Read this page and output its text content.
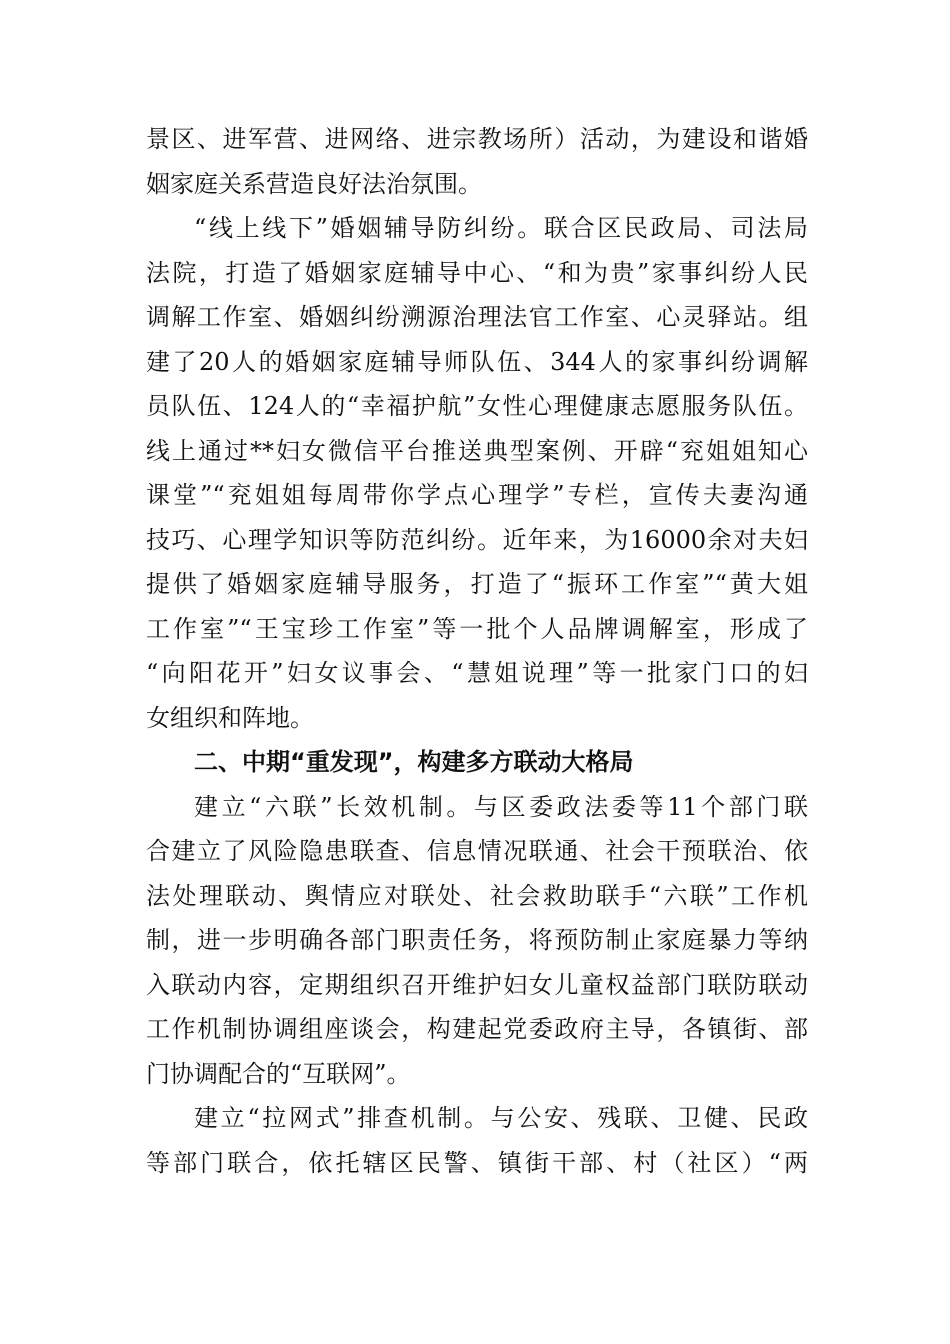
景区、进军营、进网络、进宗教场所）活动，为建设和谐婚
姻家庭关系营造良好法治氛围。
“线上线下”婚姻辅导防纠纷。联合区民政局、司法局
法院，打造了婚姻家庭辅导中心、“和为贵”家事纠纷人民
调解工作室、婚姻纠纷溯源治理法官工作室、心灵驿站。组
建了20人的婚姻家庭辅导师队伍、344人的家事纠纷调解
员队伍、124人的“幸福护航”女性心理健康志愿服务队伍。
线上通过**妇女微信平台推送典型案例、开辟“兖姐姐知心
课堂”“兖姐姐每周带你学点心理学”专栏，宣传夫妻沟通
技巧、心理学知识等防范纠纷。近年来，为16000余对夫妇
提供了婚姻家庭辅导服务，打造了“振环工作室”“黄大姐
工作室”“王宝珍工作室”等一批个人品牌调解室，形成了
“向阳花开”妇女议事会、“慧姐说理”等一批家门口的妇
女组织和阵地。
二、中期“重发现”，构建多方联动大格局
建立“六联”长效机制。与区委政法委等11个部门联
合建立了风险隐患联查、信息情况联通、社会干预联治、依
法处理联动、舆情应对联处、社会救助联手“六联”工作机
制，进一步明确各部门职责任务，将预防制止家庭暴力等纳
入联动内容，定期组织召开维护妇女儿童权益部门联防联动
工作机制协调组座谈会，构建起党委政府主导，各镇街、部
门协调配合的“互联网”。
建立“拉网式”排查机制。与公安、残联、卫健、民政
等部门联合，依托辖区民警、镇街干部、村（社区）“两
